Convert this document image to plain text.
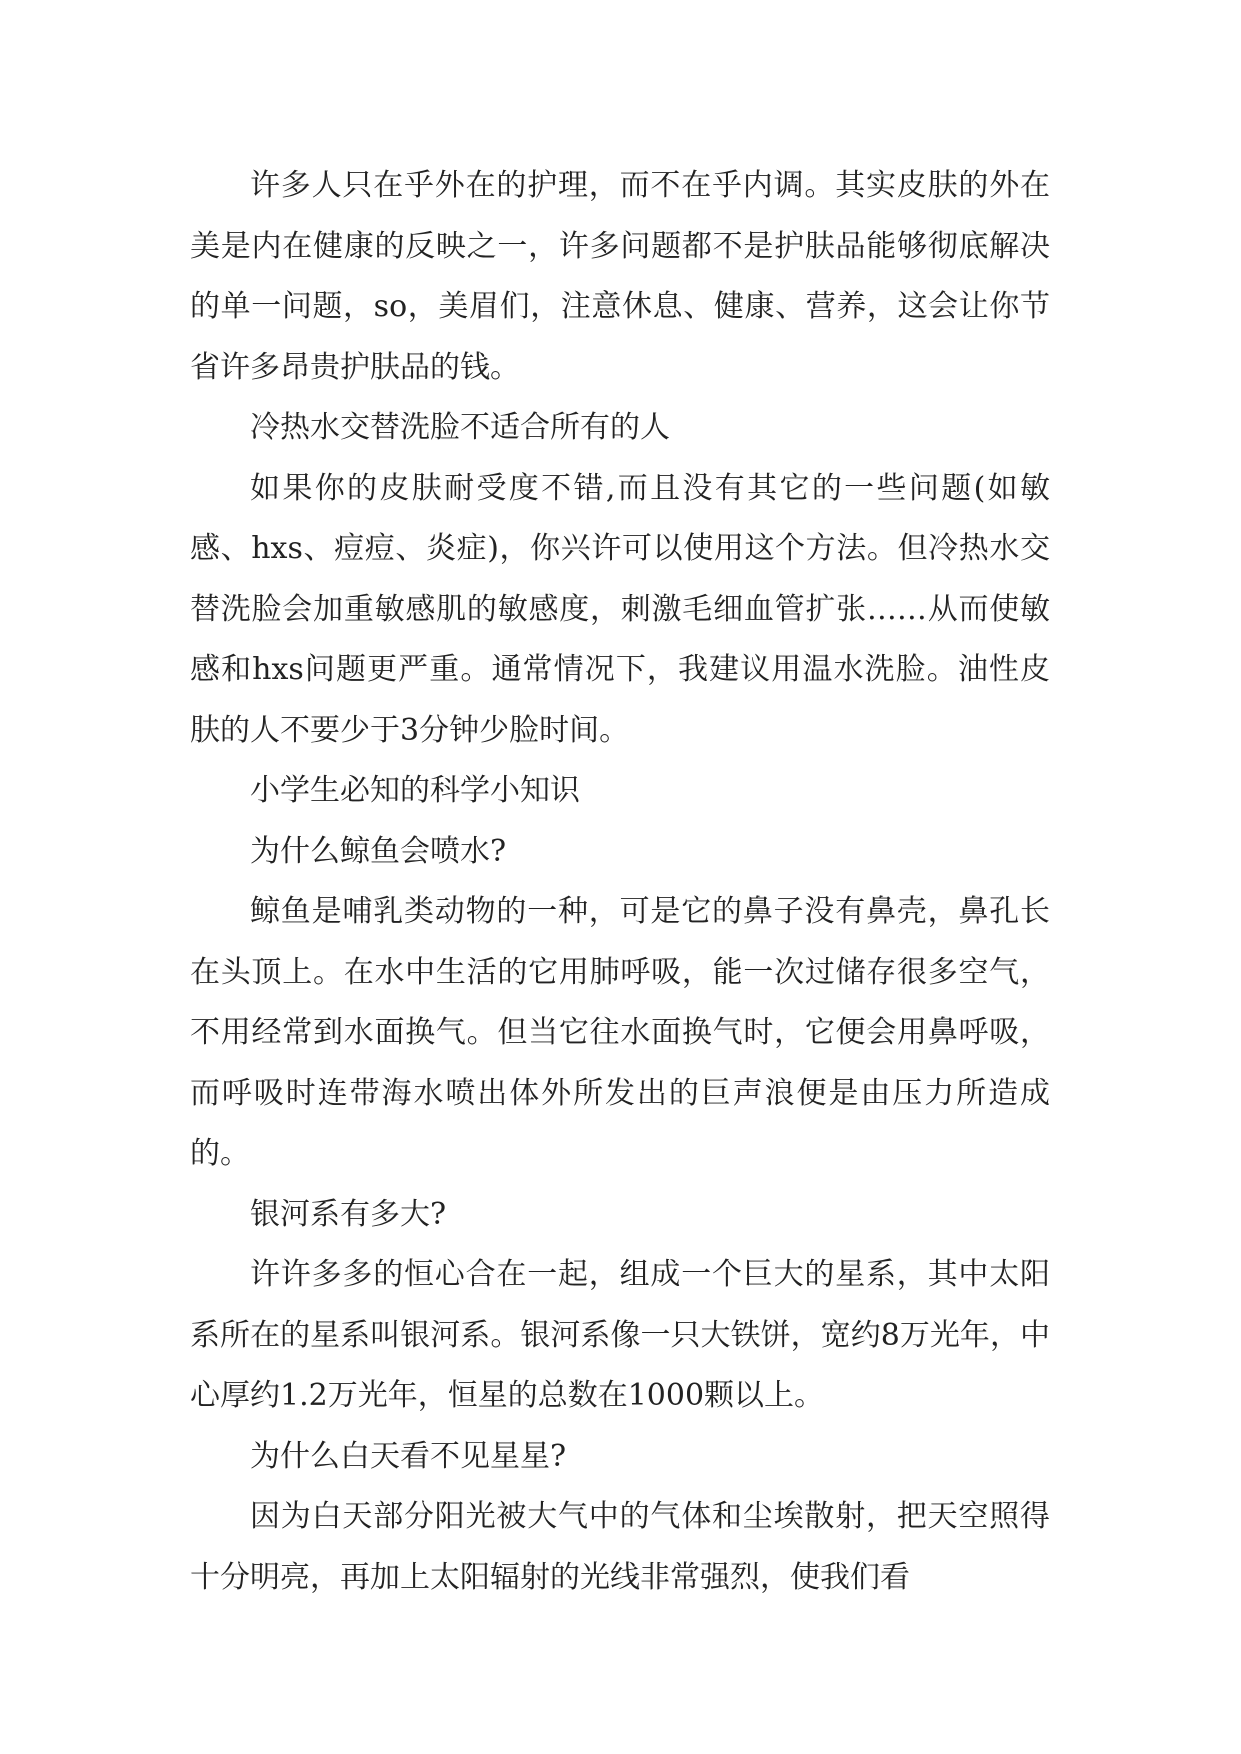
许多人只在乎外在的护理，而不在乎内调。其实皮肤的外在美是内在健康的反映之一，许多问题都不是护肤品能够彻底解决的单一问题，so，美眉们，注意休息、健康、营养，这会让你节省许多昂贵护肤品的钱。

冷热水交替洗脸不适合所有的人

如果你的皮肤耐受度不错,而且没有其它的一些问题(如敏感、hxs、痘痘、炎症)，你兴许可以使用这个方法。但冷热水交替洗脸会加重敏感肌的敏感度，刺激毛细血管扩张……从而使敏感和hxs问题更严重。通常情况下，我建议用温水洗脸。油性皮肤的人不要少于3分钟少脸时间。

小学生必知的科学小知识

为什么鲸鱼会喷水?

鲸鱼是哺乳类动物的一种，可是它的鼻子没有鼻壳，鼻孔长在头顶上。在水中生活的它用肺呼吸，能一次过储存很多空气，不用经常到水面换气。但当它往水面换气时，它便会用鼻呼吸，而呼吸时连带海水喷出体外所发出的巨声浪便是由压力所造成的。

银河系有多大?

许许多多的恒心合在一起，组成一个巨大的星系，其中太阳系所在的星系叫银河系。银河系像一只大铁饼，宽约8万光年，中心厚约1.2万光年，恒星的总数在1000颗以上。

为什么白天看不见星星?

因为白天部分阳光被大气中的气体和尘埃散射，把天空照得十分明亮，再加上太阳辐射的光线非常强烈，使我们看
